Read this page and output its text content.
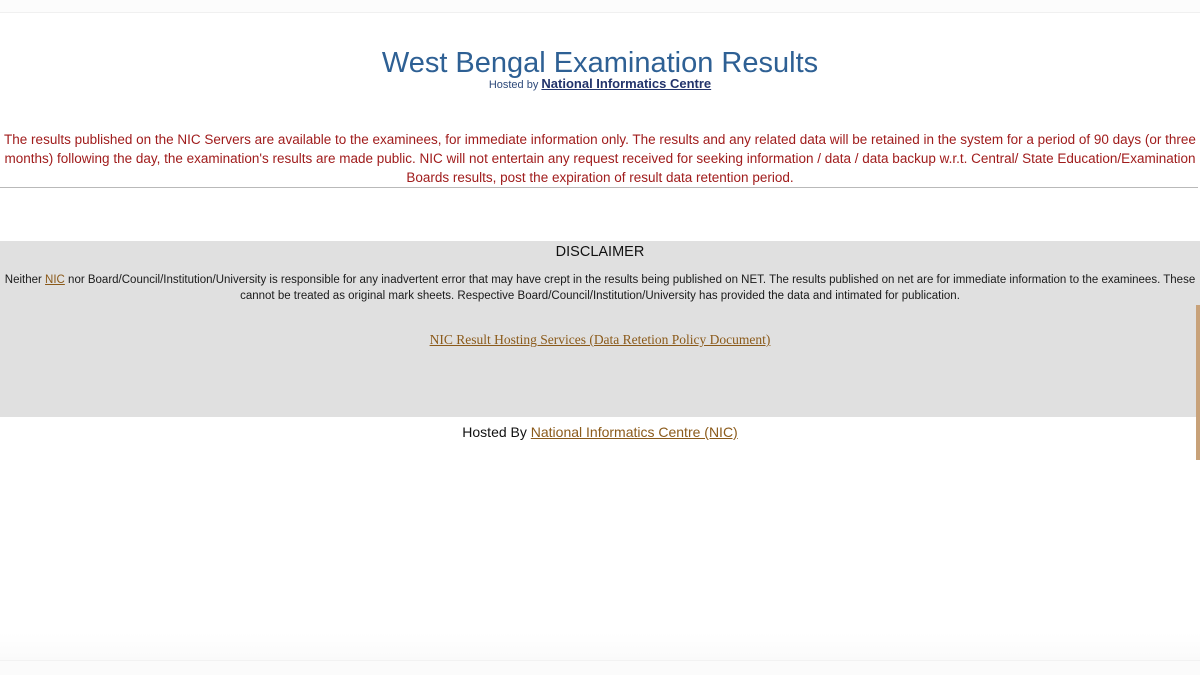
West Bengal Examination Results
Hosted by National Informatics Centre
The results published on the NIC Servers are available to the examinees, for immediate information only. The results and any related data will be retained in the system for a period of 90 days (or three months) following the day, the examination's results are made public. NIC will not entertain any request received for seeking information / data / data backup w.r.t. Central/ State Education/Examination Boards results, post the expiration of result data retention period.
DISCLAIMER
Neither NIC nor Board/Council/Institution/University is responsible for any inadvertent error that may have crept in the results being published on NET. The results published on net are for immediate information to the examinees. These cannot be treated as original mark sheets. Respective Board/Council/Institution/University has provided the data and intimated for publication.
NIC Result Hosting Services (Data Retetion Policy Document)
Hosted By National Informatics Centre (NIC)
